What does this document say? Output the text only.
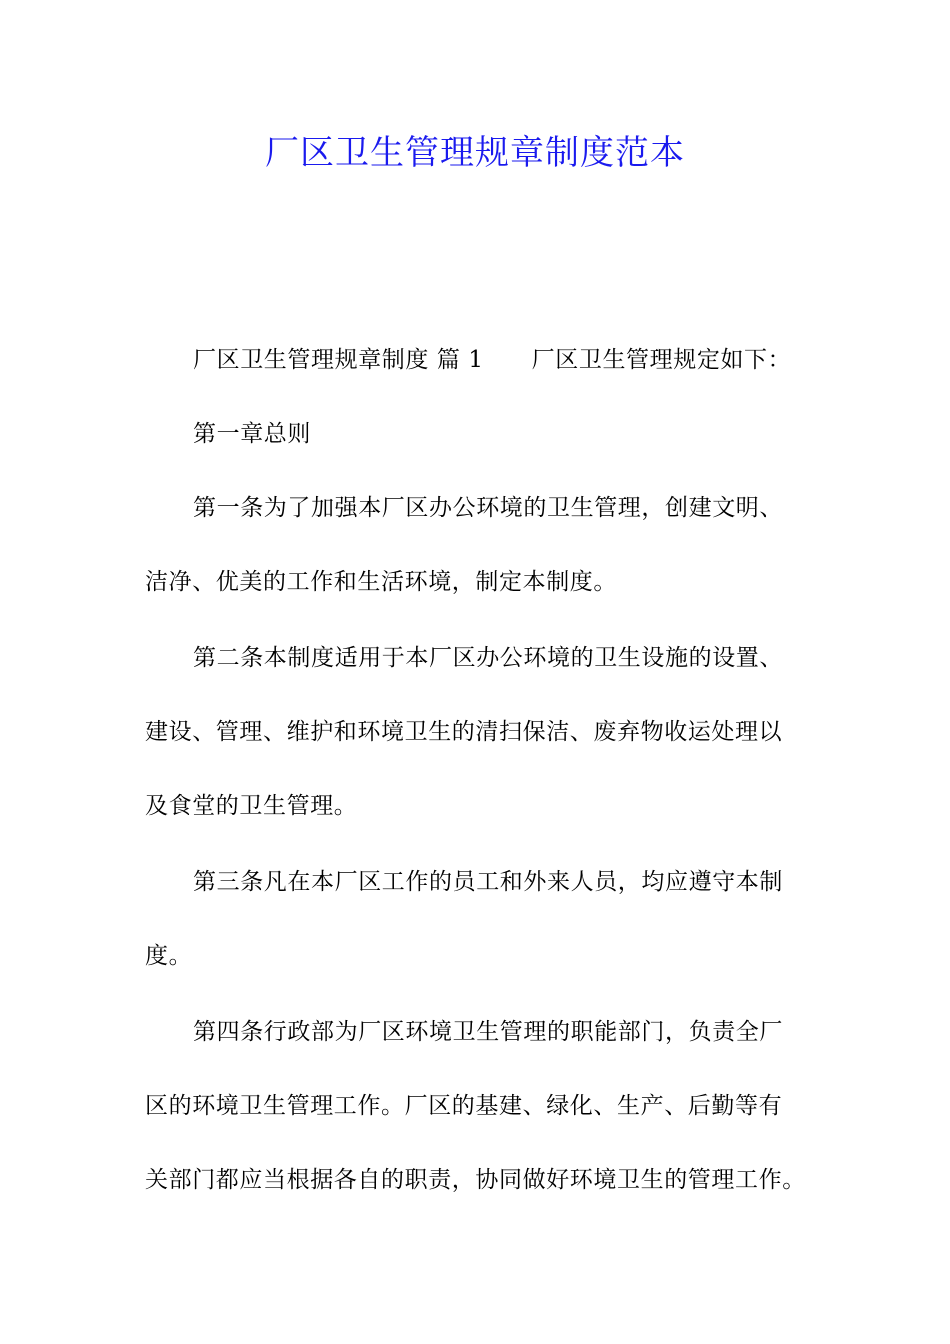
厂区卫生管理规章制度范本
厂区卫生管理规章制度 篇 1 厂区卫生管理规定如下：
第一章总则
第一条为了加强本厂区办公环境的卫生管理，创建文明、
洁净、优美的工作和生活环境，制定本制度。
第二条本制度适用于本厂区办公环境的卫生设施的设置、
建设、管理、维护和环境卫生的清扫保洁、废弃物收运处理以
及食堂的卫生管理。
第三条凡在本厂区工作的员工和外来人员，均应遵守本制
度。
第四条行政部为厂区环境卫生管理的职能部门，负责全厂
区的环境卫生管理工作。厂区的基建、绿化、生产、后勤等有
关部门都应当根据各自的职责，协同做好环境卫生的管理工作。
